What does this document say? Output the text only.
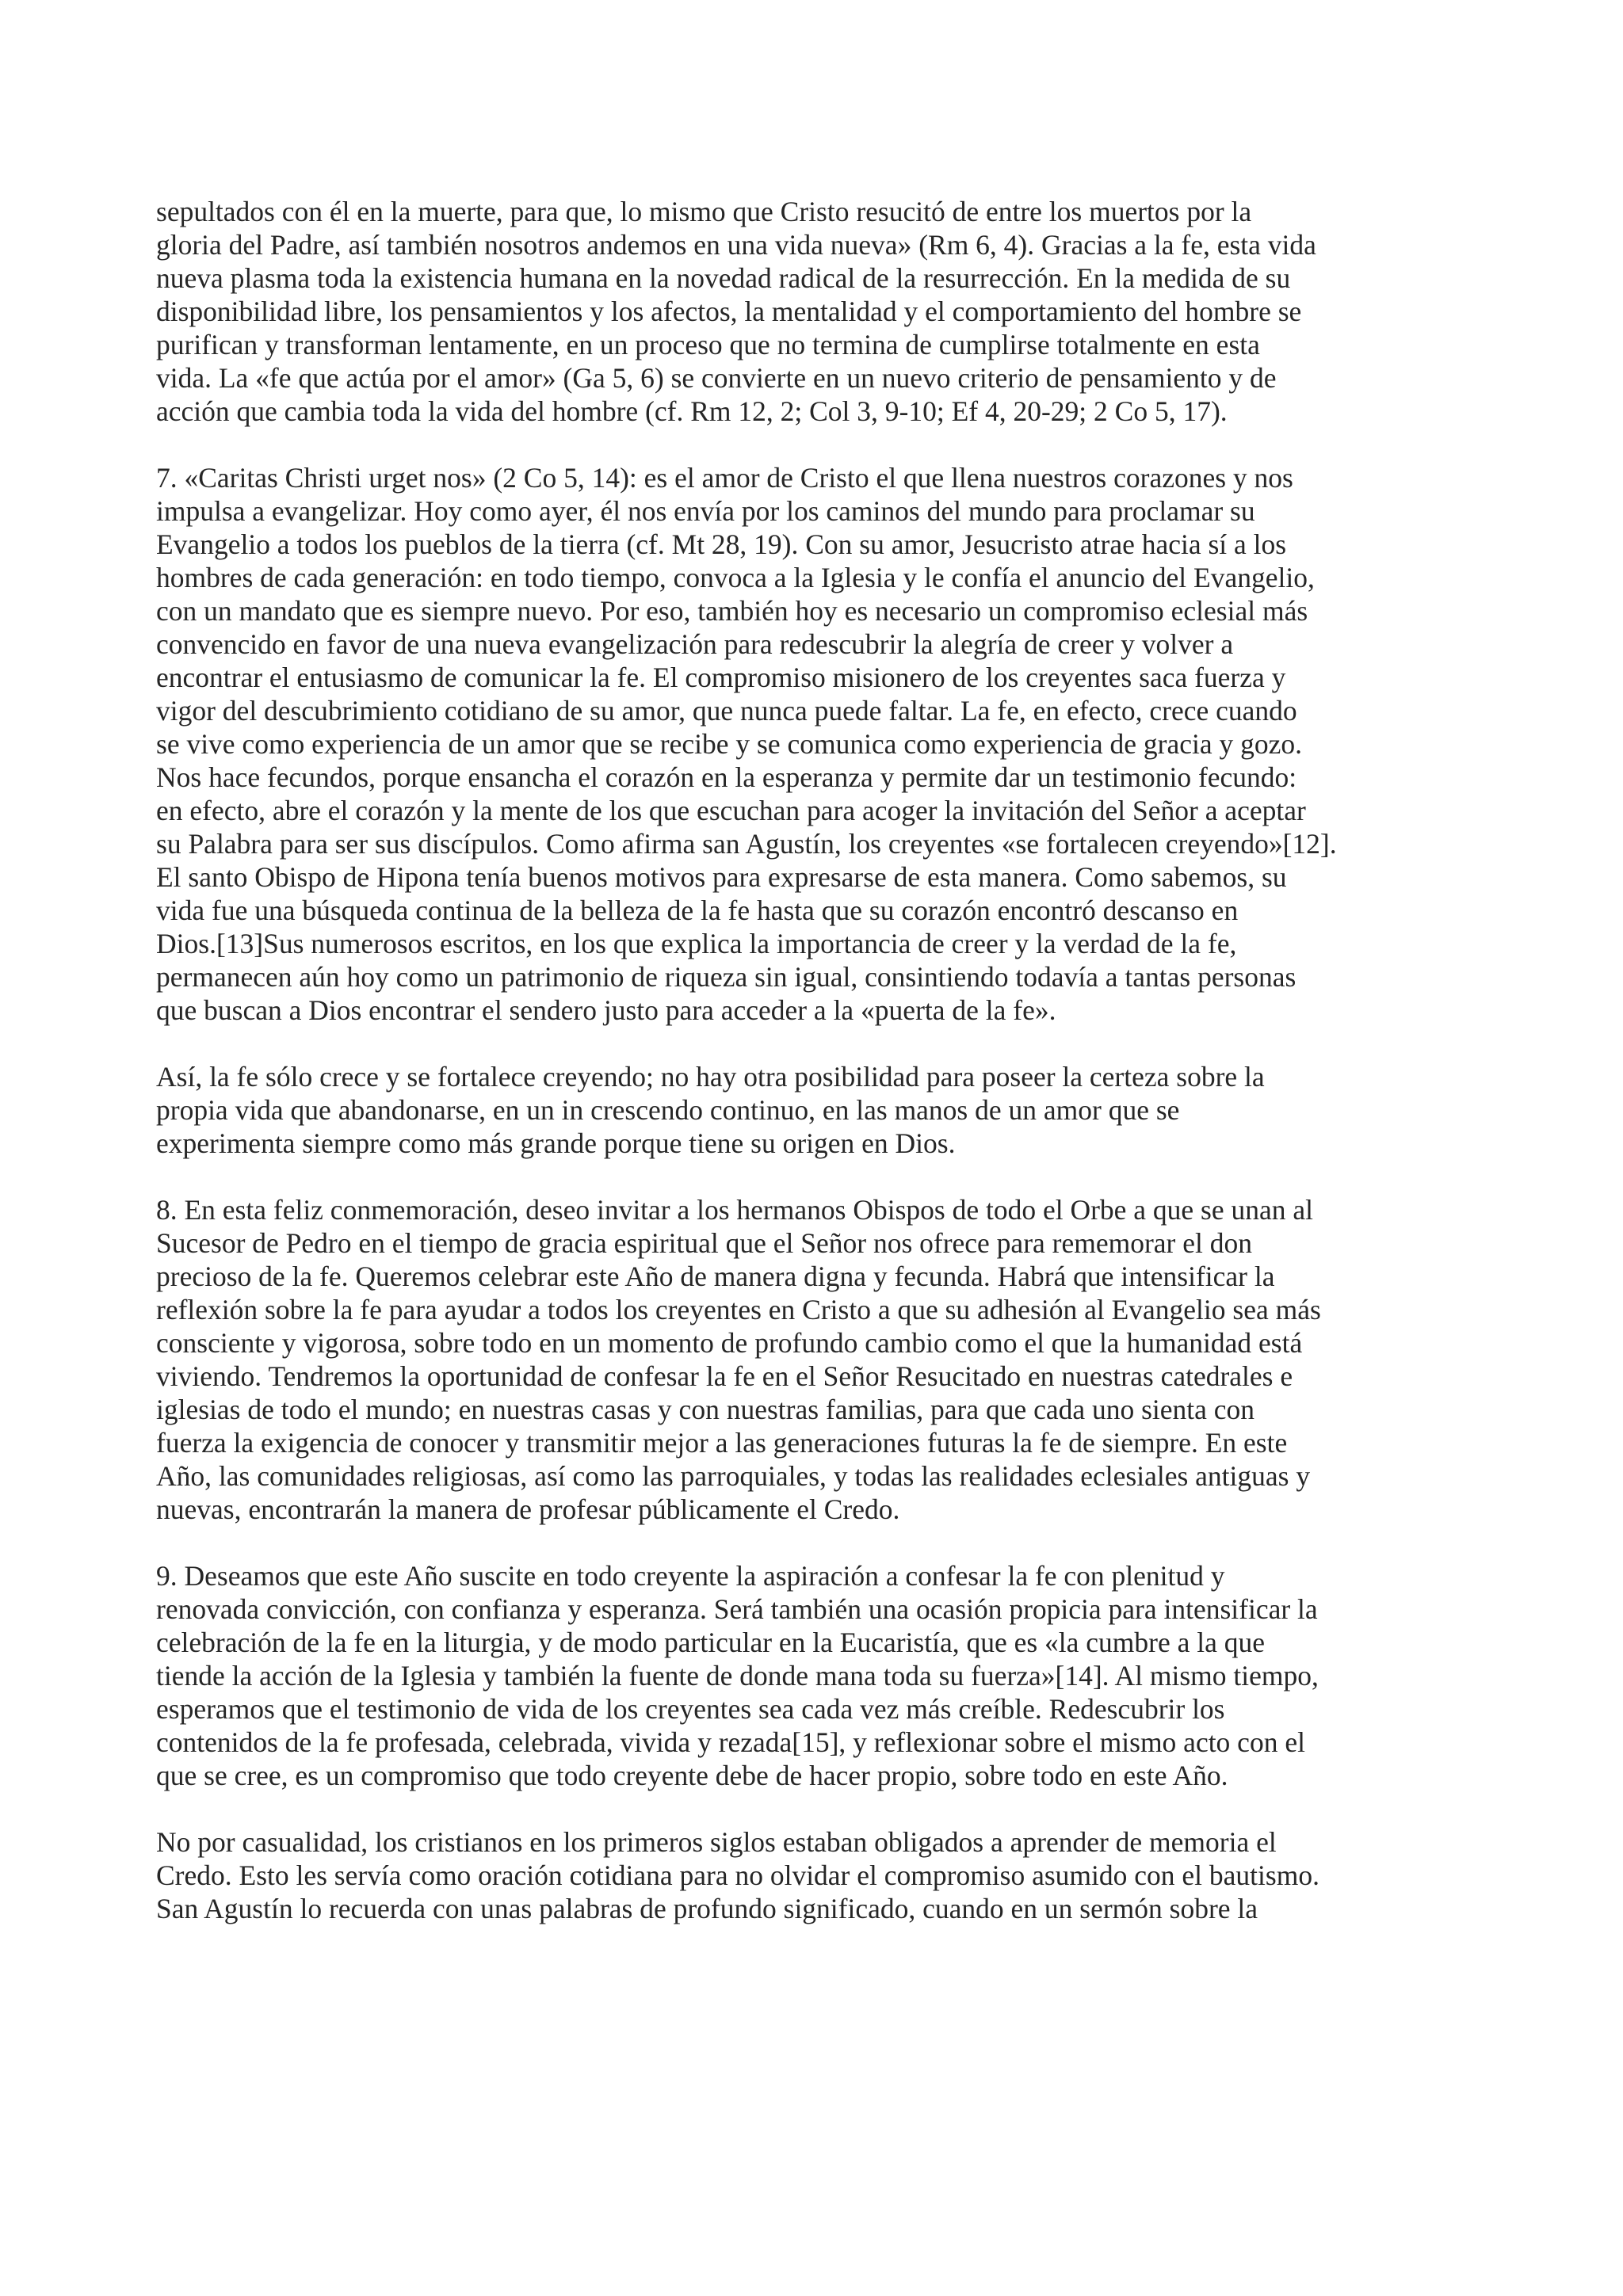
sepultados con él en la muerte, para que, lo mismo que Cristo resucitó de entre los muertos por la
gloria del Padre, así también nosotros andemos en una vida nueva» (Rm 6, 4). Gracias a la fe, esta vida
nueva plasma toda la existencia humana en la novedad radical de la resurrección. En la medida de su
disponibilidad libre, los pensamientos y los afectos, la mentalidad y el comportamiento del hombre se
purifican y transforman lentamente, en un proceso que no termina de cumplirse totalmente en esta
vida. La «fe que actúa por el amor» (Ga 5, 6) se convierte en un nuevo criterio de pensamiento y de
acción que cambia toda la vida del hombre (cf. Rm 12, 2; Col 3, 9-10; Ef 4, 20-29; 2 Co 5, 17).
7. «Caritas Christi urget nos» (2 Co 5, 14): es el amor de Cristo el que llena nuestros corazones y nos
impulsa a evangelizar. Hoy como ayer, él nos envía por los caminos del mundo para proclamar su
Evangelio a todos los pueblos de la tierra (cf. Mt 28, 19). Con su amor, Jesucristo atrae hacia sí a los
hombres de cada generación: en todo tiempo, convoca a la Iglesia y le confía el anuncio del Evangelio,
con un mandato que es siempre nuevo. Por eso, también hoy es necesario un compromiso eclesial más
convencido en favor de una nueva evangelización para redescubrir la alegría de creer y volver a
encontrar el entusiasmo de comunicar la fe. El compromiso misionero de los creyentes saca fuerza y
vigor del descubrimiento cotidiano de su amor, que nunca puede faltar. La fe, en efecto, crece cuando
se vive como experiencia de un amor que se recibe y se comunica como experiencia de gracia y gozo.
Nos hace fecundos, porque ensancha el corazón en la esperanza y permite dar un testimonio fecundo:
en efecto, abre el corazón y la mente de los que escuchan para acoger la invitación del Señor a aceptar
su Palabra para ser sus discípulos. Como afirma san Agustín, los creyentes «se fortalecen creyendo»[12].
El santo Obispo de Hipona tenía buenos motivos para expresarse de esta manera. Como sabemos, su
vida fue una búsqueda continua de la belleza de la fe hasta que su corazón encontró descanso en
Dios.[13]Sus numerosos escritos, en los que explica la importancia de creer y la verdad de la fe,
permanecen aún hoy como un patrimonio de riqueza sin igual, consintiendo todavía a tantas personas
que buscan a Dios encontrar el sendero justo para acceder a la «puerta de la fe».
Así, la fe sólo crece y se fortalece creyendo; no hay otra posibilidad para poseer la certeza sobre la
propia vida que abandonarse, en un in crescendo continuo, en las manos de un amor que se
experimenta siempre como más grande porque tiene su origen en Dios.
8. En esta feliz conmemoración, deseo invitar a los hermanos Obispos de todo el Orbe a que se unan al
Sucesor de Pedro en el tiempo de gracia espiritual que el Señor nos ofrece para rememorar el don
precioso de la fe. Queremos celebrar este Año de manera digna y fecunda. Habrá que intensificar la
reflexión sobre la fe para ayudar a todos los creyentes en Cristo a que su adhesión al Evangelio sea más
consciente y vigorosa, sobre todo en un momento de profundo cambio como el que la humanidad está
viviendo. Tendremos la oportunidad de confesar la fe en el Señor Resucitado en nuestras catedrales e
iglesias de todo el mundo; en nuestras casas y con nuestras familias, para que cada uno sienta con
fuerza la exigencia de conocer y transmitir mejor a las generaciones futuras la fe de siempre. En este
Año, las comunidades religiosas, así como las parroquiales, y todas las realidades eclesiales antiguas y
nuevas, encontrarán la manera de profesar públicamente el Credo.
9. Deseamos que este Año suscite en todo creyente la aspiración a confesar la fe con plenitud y
renovada convicción, con confianza y esperanza. Será también una ocasión propicia para intensificar la
celebración de la fe en la liturgia, y de modo particular en la Eucaristía, que es «la cumbre a la que
tiende la acción de la Iglesia y también la fuente de donde mana toda su fuerza»[14]. Al mismo tiempo,
esperamos que el testimonio de vida de los creyentes sea cada vez más creíble. Redescubrir los
contenidos de la fe profesada, celebrada, vivida y rezada[15], y reflexionar sobre el mismo acto con el
que se cree, es un compromiso que todo creyente debe de hacer propio, sobre todo en este Año.
No por casualidad, los cristianos en los primeros siglos estaban obligados a aprender de memoria el
Credo. Esto les servía como oración cotidiana para no olvidar el compromiso asumido con el bautismo.
San Agustín lo recuerda con unas palabras de profundo significado, cuando en un sermón sobre la
